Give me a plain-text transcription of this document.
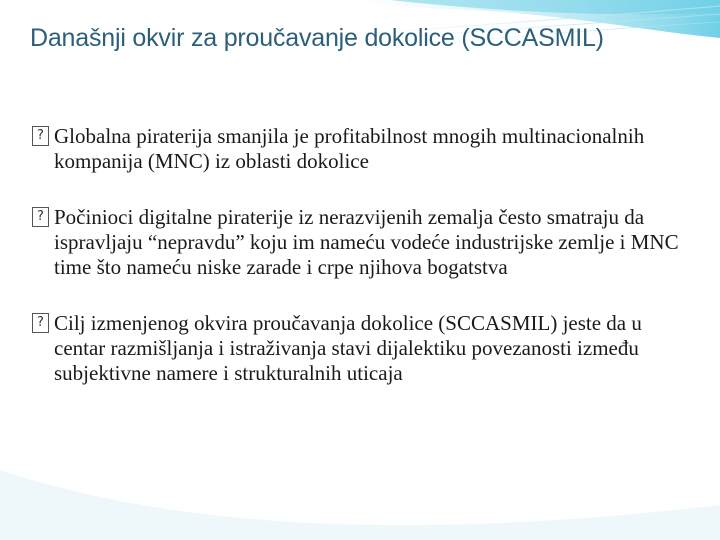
Današnji okvir za proučavanje dokolice (SCCASMIL)
? Globalna piraterija smanjila je profitabilnost mnogih multinacionalnih kompanija (MNC) iz oblasti dokolice
? Počinioci digitalne piraterije iz nerazvijenih zemalja često smatraju da ispravljaju “nepravdu” koju im nameću vodeće industrijske zemlje i MNC time što nameću niske zarade i crpe njihova bogatstva
? Cilj izmenjenog okvira proučavanja dokolice (SCCASMIL) jeste da u centar razmišljanja i istraživanja stavi dijalektiku povezanosti između subjektivne namere i strukturalnih uticaja
